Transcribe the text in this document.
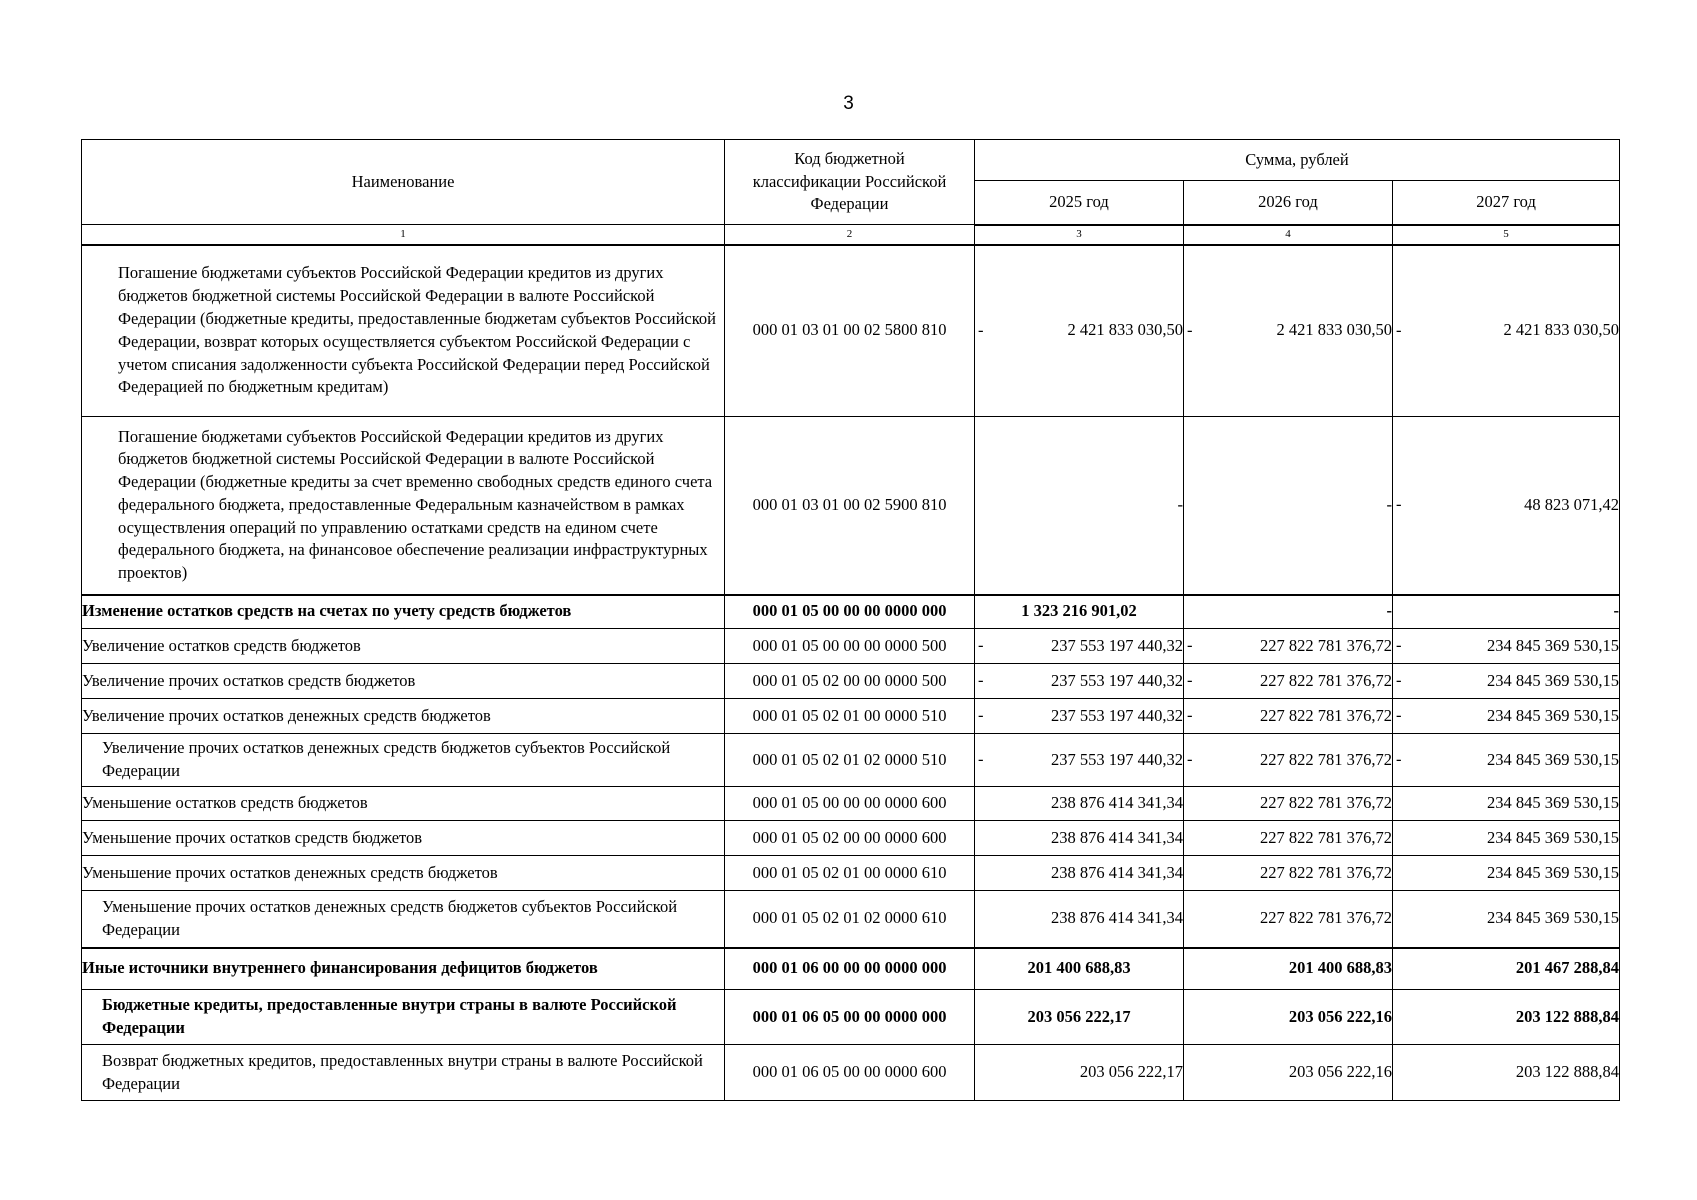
3
Наименование	Код бюджетной классификации Российской Федерации	Сумма, рублей		
		2025 год	2026 год	2027 год
1	2	3	4	5
Погашение бюджетами субъектов Российской Федерации кредитов из других бюджетов бюджетной системы Российской Федерации в валюте Российской Федерации (бюджетные кредиты, предоставленные бюджетам субъектов Российской Федерации, возврат которых осуществляется субъектом Российской Федерации с учетом списания задолженности субъекта Российской Федерации перед Российской Федерацией по бюджетным кредитам)	000 01 03 01 00 02 5800 810	- 2 421 833 030,50	- 2 421 833 030,50	- 2 421 833 030,50
Погашение бюджетами субъектов Российской Федерации кредитов из других бюджетов бюджетной системы Российской Федерации в валюте Российской Федерации (бюджетные кредиты за счет временно свободных средств единого счета федерального бюджета, предоставленные Федеральным казначейством в рамках осуществления операций по управлению остатками средств на едином счете федерального бюджета, на финансовое обеспечение реализации инфраструктурных проектов)	000 01 03 01 00 02 5900 810	-	-	- 48 823 071,42
Изменение остатков средств на счетах по учету средств бюджетов	000 01 05 00 00 00 0000 000	1 323 216 901,02	-	-
Увеличение остатков средств бюджетов	000 01 05 00 00 00 0000 500	- 237 553 197 440,32	- 227 822 781 376,72	- 234 845 369 530,15
Увеличение прочих остатков средств бюджетов	000 01 05 02 00 00 0000 500	- 237 553 197 440,32	- 227 822 781 376,72	- 234 845 369 530,15
Увеличение прочих остатков денежных средств бюджетов	000 01 05 02 01 00 0000 510	- 237 553 197 440,32	- 227 822 781 376,72	- 234 845 369 530,15
Увеличение прочих остатков денежных средств бюджетов субъектов Российской Федерации	000 01 05 02 01 02 0000 510	- 237 553 197 440,32	- 227 822 781 376,72	- 234 845 369 530,15
Уменьшение остатков средств бюджетов	000 01 05 00 00 00 0000 600	238 876 414 341,34	227 822 781 376,72	234 845 369 530,15
Уменьшение прочих остатков средств бюджетов	000 01 05 02 00 00 0000 600	238 876 414 341,34	227 822 781 376,72	234 845 369 530,15
Уменьшение прочих остатков денежных средств бюджетов	000 01 05 02 01 00 0000 610	238 876 414 341,34	227 822 781 376,72	234 845 369 530,15
Уменьшение прочих остатков денежных средств бюджетов субъектов Российской Федерации	000 01 05 02 01 02 0000 610	238 876 414 341,34	227 822 781 376,72	234 845 369 530,15
Иные источники внутреннего финансирования дефицитов бюджетов	000 01 06 00 00 00 0000 000	201 400 688,83	201 400 688,83	201 467 288,84
Бюджетные кредиты, предоставленные внутри страны в валюте Российской Федерации	000 01 06 05 00 00 0000 000	203 056 222,17	203 056 222,16	203 122 888,84
Возврат бюджетных кредитов, предоставленных внутри страны в валюте Российской Федерации	000 01 06 05 00 00 0000 600	203 056 222,17	203 056 222,16	203 122 888,84
